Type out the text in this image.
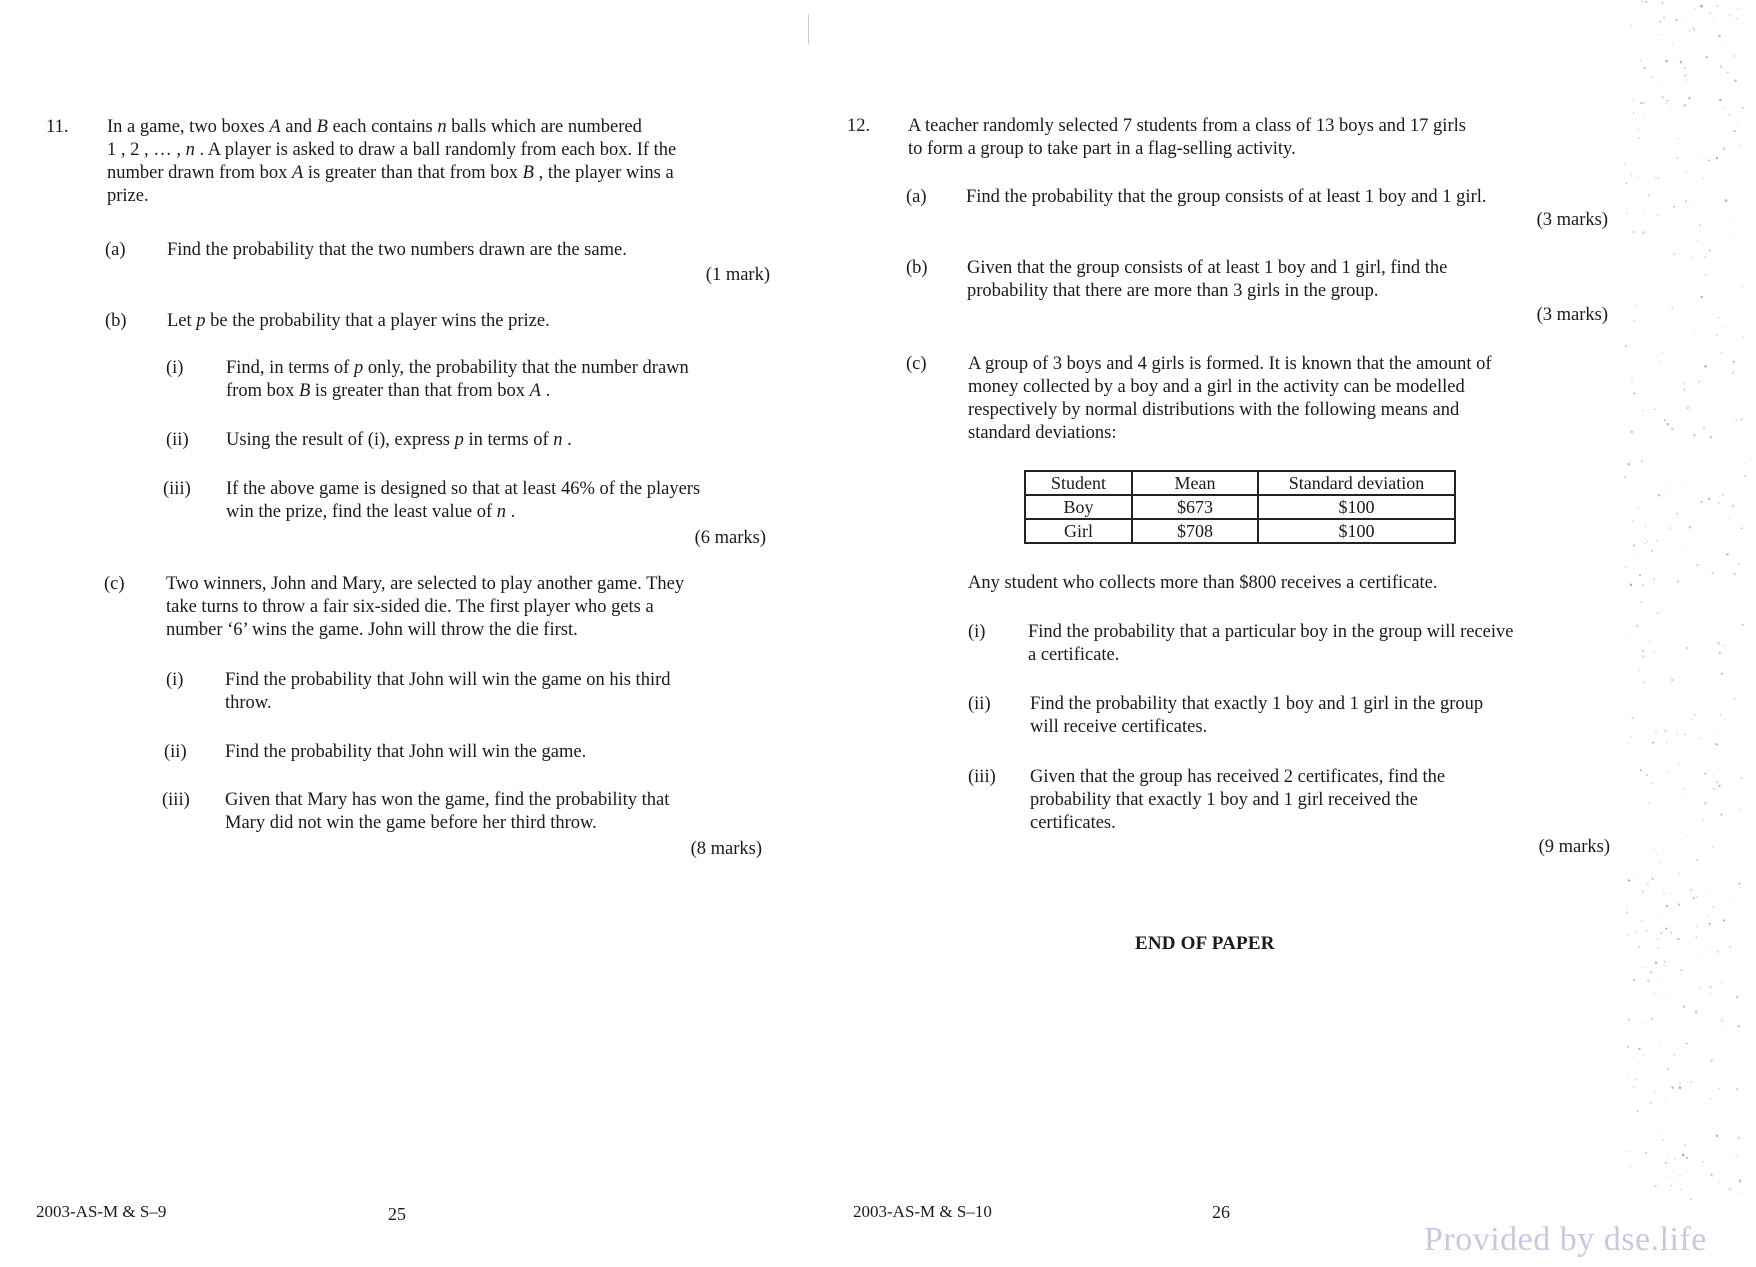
11. In a game, two boxes A and B each contains n balls which are numbered
1 , 2 , … , n . A player is asked to draw a ball randomly from each box. If the
number drawn from box A is greater than that from box B , the player wins a
prize.
(a) Find the probability that the two numbers drawn are the same.
(1 mark)
(b) Let p be the probability that a player wins the prize.
(i) Find, in terms of p only, the probability that the number drawn
from box B is greater than that from box A .
(ii) Using the result of (i), express p in terms of n .
(iii) If the above game is designed so that at least 46% of the players
win the prize, find the least value of n .
(6 marks)
(c) Two winners, John and Mary, are selected to play another game. They
take turns to throw a fair six-sided die. The first player who gets a
number ‘6’ wins the game. John will throw the die first.
(i) Find the probability that John will win the game on his third
throw.
(ii) Find the probability that John will win the game.
(iii) Given that Mary has won the game, find the probability that
Mary did not win the game before her third throw.
(8 marks)
2003-AS-M & S–9	25
12. A teacher randomly selected 7 students from a class of 13 boys and 17 girls
to form a group to take part in a flag-selling activity.
(a) Find the probability that the group consists of at least 1 boy and 1 girl.
(3 marks)
(b) Given that the group consists of at least 1 boy and 1 girl, find the
probability that there are more than 3 girls in the group.
(3 marks)
(c) A group of 3 boys and 4 girls is formed. It is known that the amount of
money collected by a boy and a girl in the activity can be modelled
respectively by normal distributions with the following means and
standard deviations:
Student	Mean	Standard deviation
Boy	$673	$100
Girl	$708	$100
Any student who collects more than $800 receives a certificate.
(i) Find the probability that a particular boy in the group will receive
a certificate.
(ii) Find the probability that exactly 1 boy and 1 girl in the group
will receive certificates.
(iii) Given that the group has received 2 certificates, find the
probability that exactly 1 boy and 1 girl received the
certificates.
(9 marks)
END OF PAPER
2003-AS-M & S–10	26
Provided by dse.life
